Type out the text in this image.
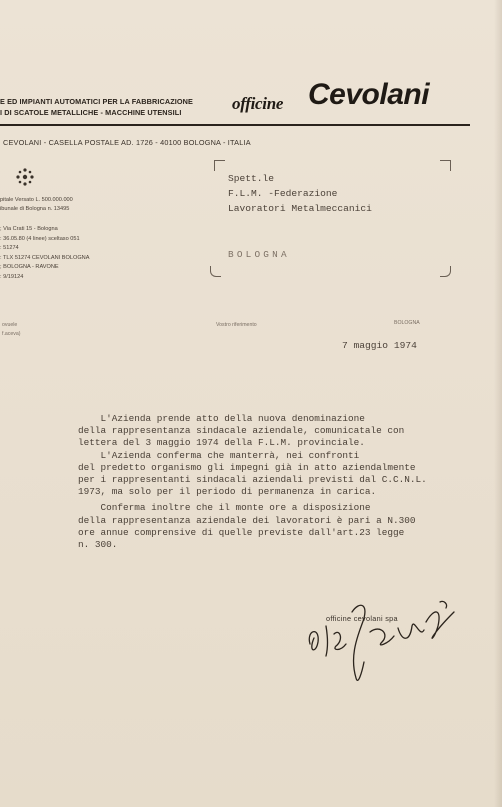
E ED IMPIANTI AUTOMATICI PER LA FABBRICAZIONE
I DI SCATOLE METALLICHE - MACCHINE UTENSILI	officine Cevolani
CEVOLANI - CASELLA POSTALE AD. 1726 - 40100 BOLOGNA - ITALIA
pitale Versato L. 500.000.000
ibunale di Bologna n. 13495
; Via Crati 15 - Bologna
: 36.05.80 (4 linee) sceltaso 051
: 51274
: TLX 51274 CEVOLANI BOLOGNA
; BOLOGNA - RAVONE
: 9/19124
Spett.le
F.L.M. -Federazione
Lavoratori Metalmeccanici
BOLOGNA
ovuele
f.aceva)
Vostro riferimento	BOLOGNA
7 maggio 1974
L'Azienda prende atto della nuova denominazione
della rappresentanza sindacale aziendale, comunicatale con
lettera del 3 maggio 1974 della F.L.M. provinciale.
L'Azienda conferma che manterrà, nei confronti
del predetto organismo gli impegni già in atto aziendalmente
per i rappresentanti sindacali aziendali previsti dal C.C.N.L.
1973, ma solo per il periodo di permanenza in carica.
Conferma inoltre che il monte ore a disposizione
della rappresentanza aziendale dei lavoratori è pari a N.300
ore annue comprensive di quelle previste dall'art.23 legge
n. 300.
officine cevolani spa
